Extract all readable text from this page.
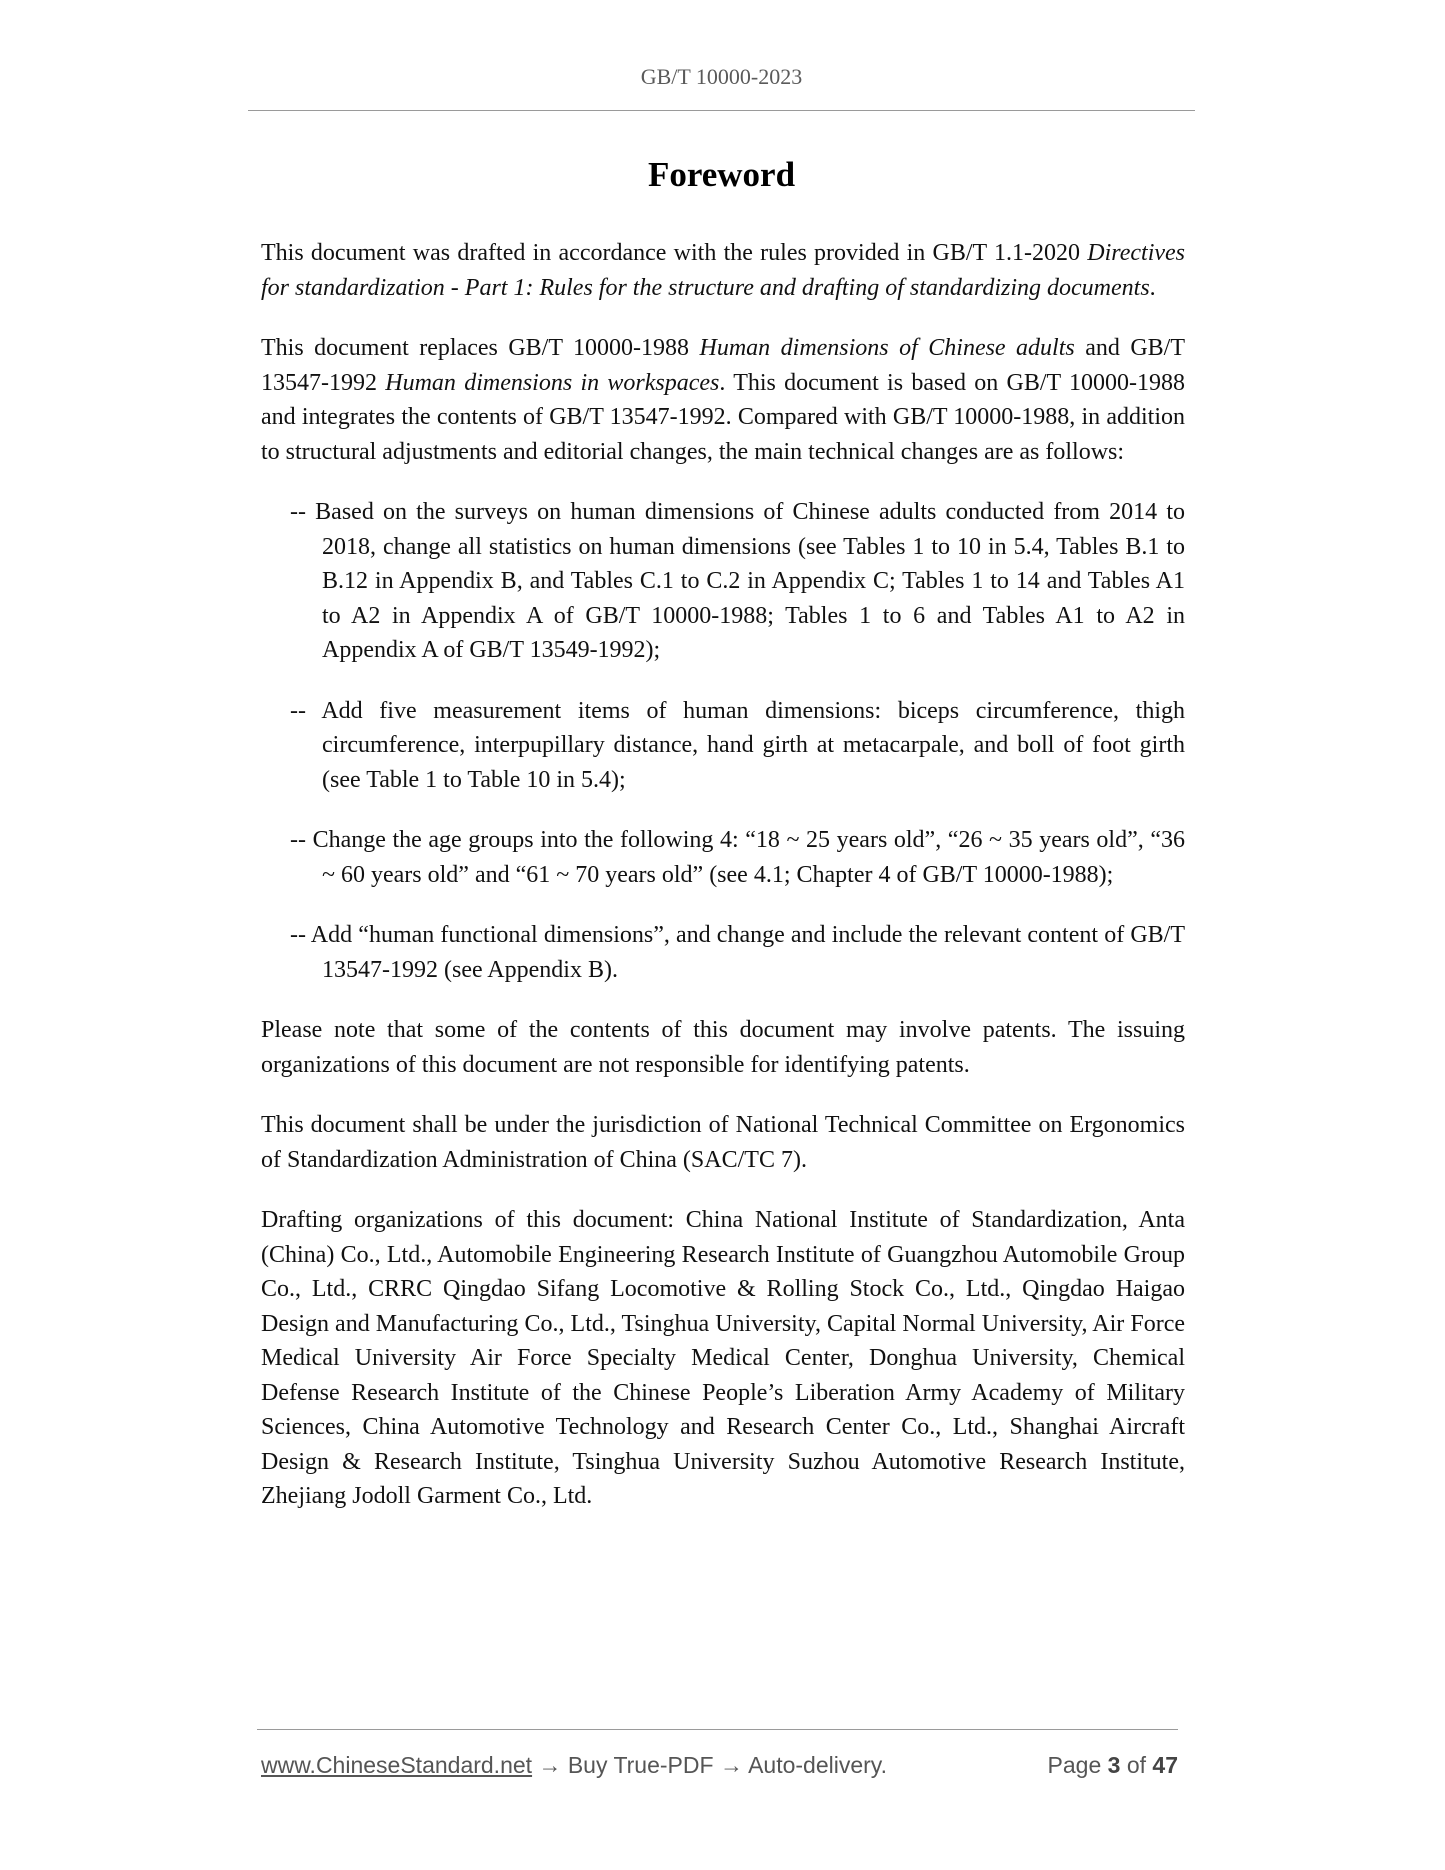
GB/T 10000-2023
Foreword

This document was drafted in accordance with the rules provided in GB/T 1.1-2020 Directives for standardization - Part 1: Rules for the structure and drafting of standardizing documents.

This document replaces GB/T 10000-1988 Human dimensions of Chinese adults and GB/T 13547-1992 Human dimensions in workspaces. This document is based on GB/T 10000-1988 and integrates the contents of GB/T 13547-1992. Compared with GB/T 10000-1988, in addition to structural adjustments and editorial changes, the main technical changes are as follows:

-- Based on the surveys on human dimensions of Chinese adults conducted from 2014 to 2018, change all statistics on human dimensions (see Tables 1 to 10 in 5.4, Tables B.1 to B.12 in Appendix B, and Tables C.1 to C.2 in Appendix C; Tables 1 to 14 and Tables A1 to A2 in Appendix A of GB/T 10000-1988; Tables 1 to 6 and Tables A1 to A2 in Appendix A of GB/T 13549-1992);

-- Add five measurement items of human dimensions: biceps circumference, thigh circumference, interpupillary distance, hand girth at metacarpale, and boll of foot girth (see Table 1 to Table 10 in 5.4);

-- Change the age groups into the following 4: “18 ~ 25 years old”, “26 ~ 35 years old”, “36 ~ 60 years old” and “61 ~ 70 years old” (see 4.1; Chapter 4 of GB/T 10000-1988);

-- Add “human functional dimensions”, and change and include the relevant content of GB/T 13547-1992 (see Appendix B).

Please note that some of the contents of this document may involve patents. The issuing organizations of this document are not responsible for identifying patents.

This document shall be under the jurisdiction of National Technical Committee on Ergonomics of Standardization Administration of China (SAC/TC 7).

Drafting organizations of this document: China National Institute of Standardization, Anta (China) Co., Ltd., Automobile Engineering Research Institute of Guangzhou Automobile Group Co., Ltd., CRRC Qingdao Sifang Locomotive & Rolling Stock Co., Ltd., Qingdao Haigao Design and Manufacturing Co., Ltd., Tsinghua University, Capital Normal University, Air Force Medical University Air Force Specialty Medical Center, Donghua University, Chemical Defense Research Institute of the Chinese People’s Liberation Army Academy of Military Sciences, China Automotive Technology and Research Center Co., Ltd., Shanghai Aircraft Design & Research Institute, Tsinghua University Suzhou Automotive Research Institute, Zhejiang Jodoll Garment Co., Ltd.

www.ChineseStandard.net → Buy True-PDF → Auto-delivery.	Page 3 of 47
